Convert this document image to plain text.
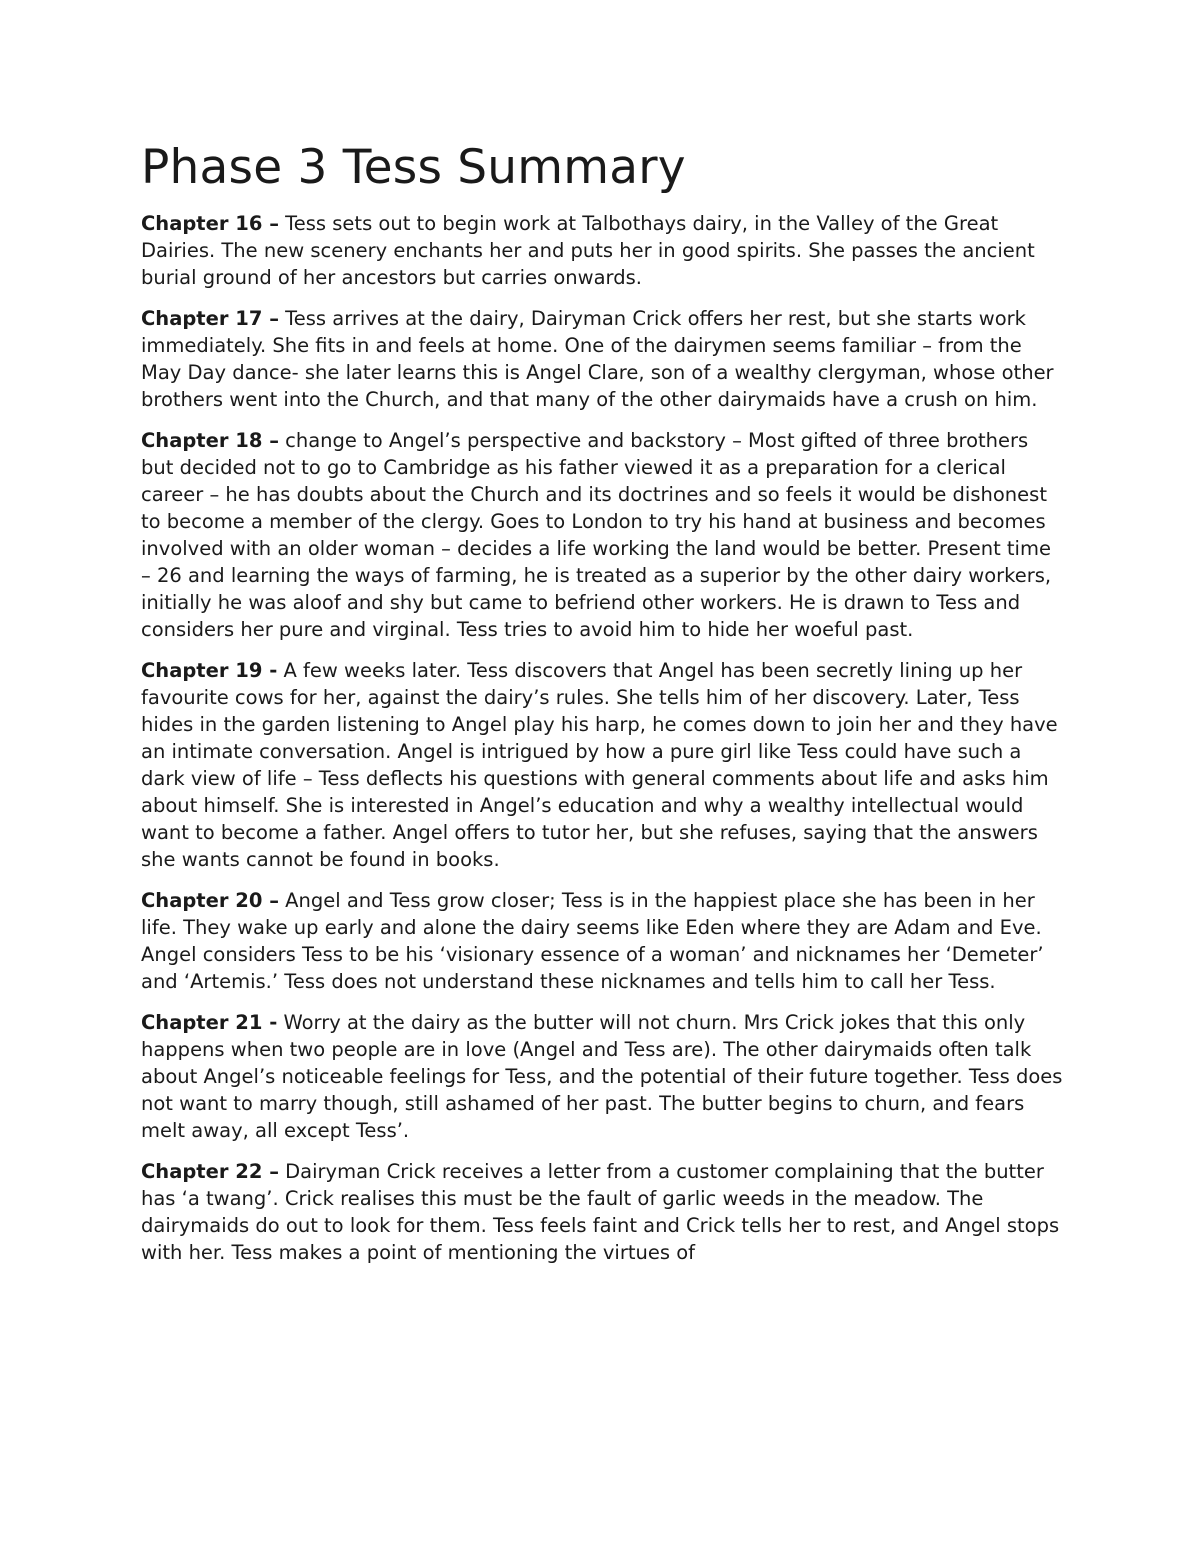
Phase 3 Tess Summary

Chapter 16 – Tess sets out to begin work at Talbothays dairy, in the Valley of the Great Dairies. The new scenery enchants her and puts her in good spirits. She passes the ancient burial ground of her ancestors but carries onwards.

Chapter 17 – Tess arrives at the dairy, Dairyman Crick offers her rest, but she starts work immediately. She fits in and feels at home. One of the dairymen seems familiar – from the May Day dance- she later learns this is Angel Clare, son of a wealthy clergyman, whose other brothers went into the Church, and that many of the other dairymaids have a crush on him.

Chapter 18 – change to Angel’s perspective and backstory – Most gifted of three brothers but decided not to go to Cambridge as his father viewed it as a preparation for a clerical career – he has doubts about the Church and its doctrines and so feels it would be dishonest to become a member of the clergy. Goes to London to try his hand at business and becomes involved with an older woman – decides a life working the land would be better. Present time – 26 and learning the ways of farming, he is treated as a superior by the other dairy workers, initially he was aloof and shy but came to befriend other workers. He is drawn to Tess and considers her pure and virginal. Tess tries to avoid him to hide her woeful past.

Chapter 19 - A few weeks later. Tess discovers that Angel has been secretly lining up her favourite cows for her, against the dairy’s rules. She tells him of her discovery. Later, Tess hides in the garden listening to Angel play his harp, he comes down to join her and they have an intimate conversation. Angel is intrigued by how a pure girl like Tess could have such a dark view of life – Tess deflects his questions with general comments about life and asks him about himself. She is interested in Angel’s education and why a wealthy intellectual would want to become a father. Angel offers to tutor her, but she refuses, saying that the answers she wants cannot be found in books.

Chapter 20 – Angel and Tess grow closer; Tess is in the happiest place she has been in her life. They wake up early and alone the dairy seems like Eden where they are Adam and Eve. Angel considers Tess to be his ‘visionary essence of a woman’ and nicknames her ‘Demeter’ and ‘Artemis.’ Tess does not understand these nicknames and tells him to call her Tess.

Chapter 21 - Worry at the dairy as the butter will not churn. Mrs Crick jokes that this only happens when two people are in love (Angel and Tess are). The other dairymaids often talk about Angel’s noticeable feelings for Tess, and the potential of their future together. Tess does not want to marry though, still ashamed of her past. The butter begins to churn, and fears melt away, all except Tess’.

Chapter 22 – Dairyman Crick receives a letter from a customer complaining that the butter has ‘a twang’. Crick realises this must be the fault of garlic weeds in the meadow. The dairymaids do out to look for them. Tess feels faint and Crick tells her to rest, and Angel stops with her. Tess makes a point of mentioning the virtues of
